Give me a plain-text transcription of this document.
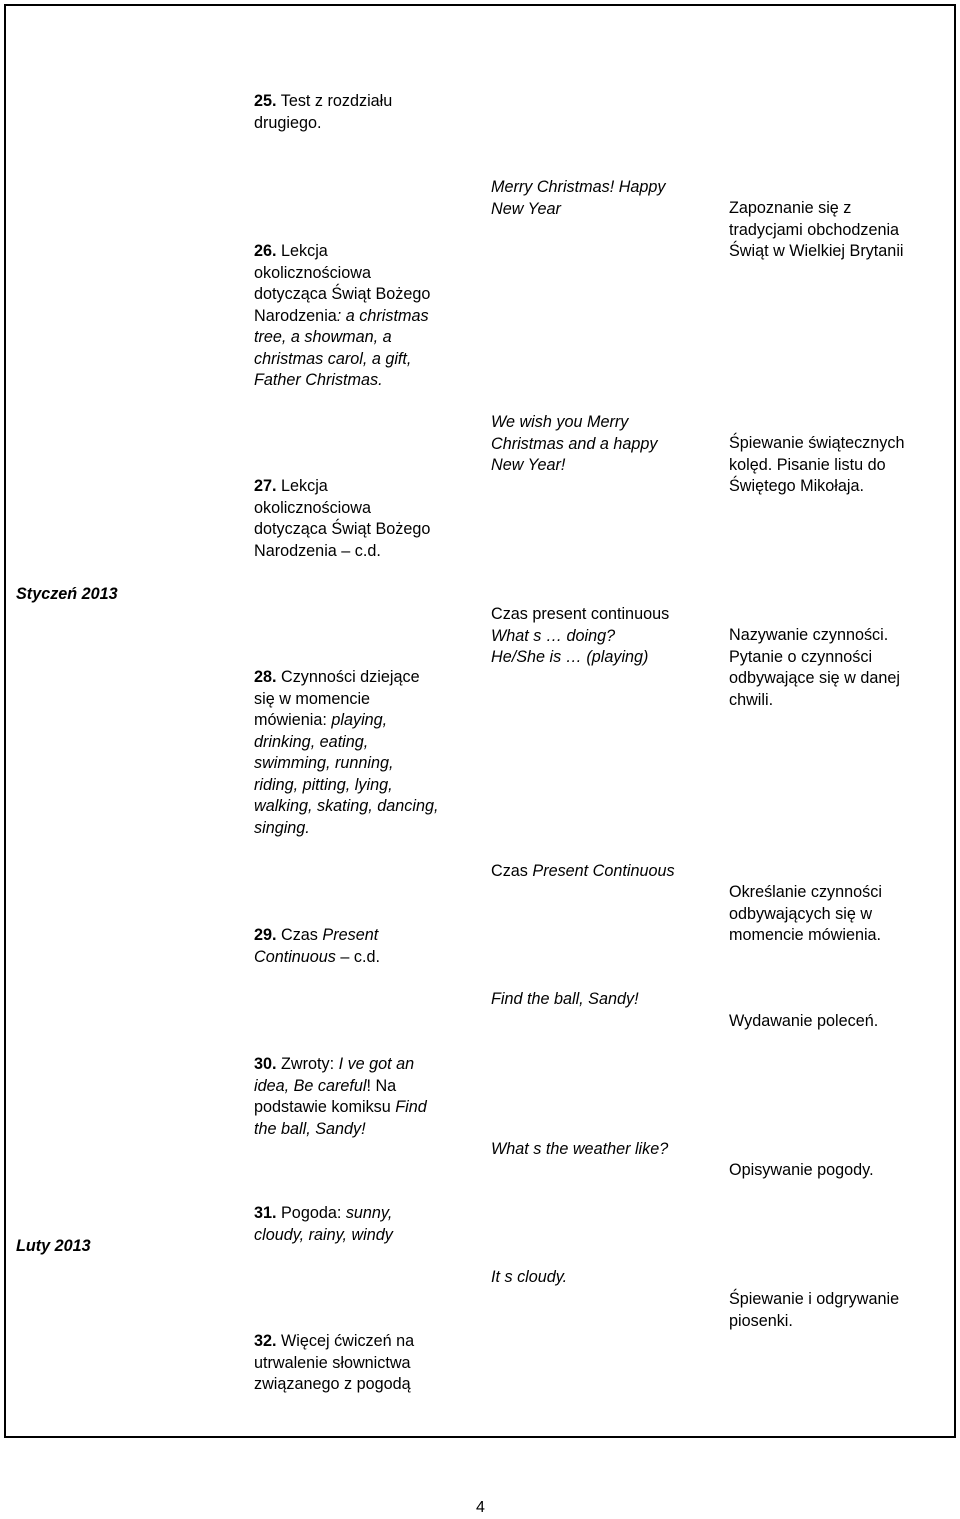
Styczeń 2013
Luty 2013
25. Test z rozdziału
drugiego.
26. Lekcja
okolicznościowa
dotycząca Świąt Bożego
Narodzenia: a christmas
tree, a showman, a
christmas carol, a gift,
Father Christmas.
27. Lekcja
okolicznościowa
dotycząca Świąt Bożego
Narodzenia – c.d.
28. Czynności dziejące
się w momencie
mówienia: playing,
drinking, eating,
swimming, running,
riding, pitting, lying,
walking, skating, dancing,
singing.
29. Czas Present
Continuous – c.d.
30. Zwroty: I ve got an
idea, Be careful! Na
podstawie komiksu Find
the ball, Sandy!
31. Pogoda: sunny,
cloudy, rainy, windy
32. Więcej ćwiczeń na
utrwalenie słownictwa
związanego z pogodą
Merry Christmas! Happy
New Year
We wish you Merry
Christmas and a happy
New Year!
Czas present continuous
What s … doing?
He/She is … (playing)
Czas Present Continuous
Find the ball, Sandy!
What s the weather like?
It s cloudy.
Zapoznanie się z
tradycjami obchodzenia
Świąt w Wielkiej Brytanii
Śpiewanie świątecznych
kolęd. Pisanie listu do
Świętego Mikołaja.
Nazywanie czynności.
Pytanie o czynności
odbywające się w danej
chwili.
Określanie czynności
odbywających się w
momencie mówienia.
Wydawanie poleceń.
Opisywanie pogody.
Śpiewanie i odgrywanie
piosenki.
4
